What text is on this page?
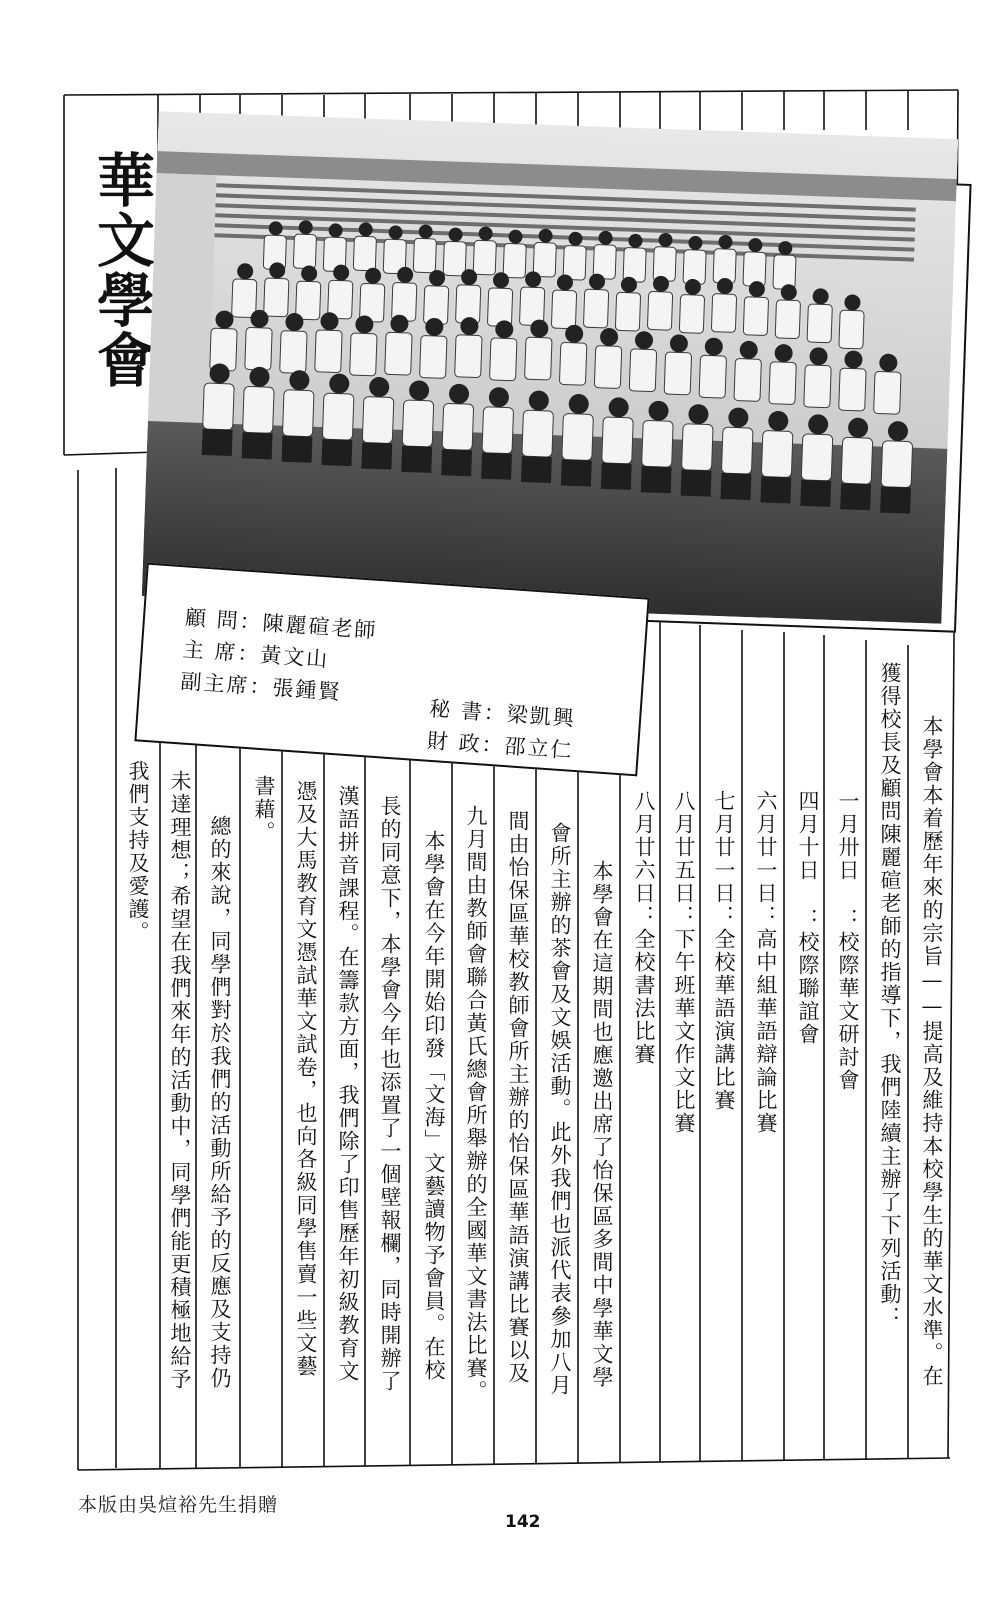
華文學會
顧 問：陳麗碹老師
主 席：黃文山
副主席：張鍾賢
秘 書：梁凱興
財 政：邵立仁	本學會本着歷年來的宗旨——提高及維持本校學生的華文水準。在
獲得校長及顧問陳麗碹老師的指導下，我們陸續主辦了下列活動：
一月卅日 ：校際華文研討會
四月十日 ：校際聯誼會
六月廿一日：高中組華語辯論比賽
七月廿一日：全校華語演講比賽
八月廿五日：下午班華文作文比賽
八月廿六日：全校書法比賽
本學會在這期間也應邀出席了怡保區多間中學華文學
會所主辦的茶會及文娛活動。此外我們也派代表參加八月
間由怡保區華校教師會所主辦的怡保區華語演講比賽以及
九月間由教師會聯合黃氏總會所舉辦的全國華文書法比賽。
本學會在今年開始印發「文海」文藝讀物予會員。在校
長的同意下，本學會今年也添置了一個壁報欄，同時開辦了
漢語拼音課程。在籌款方面，我們除了印售歷年初級教育文
憑及大馬教育文憑試華文試卷，也向各級同學售賣一些文藝
書藉。
總的來說，同學們對於我們的活動所給予的反應及支持仍
未達理想；希望在我們來年的活動中，同學們能更積極地給予
我們支持及愛護。
本版由吳煊裕先生捐贈
142
